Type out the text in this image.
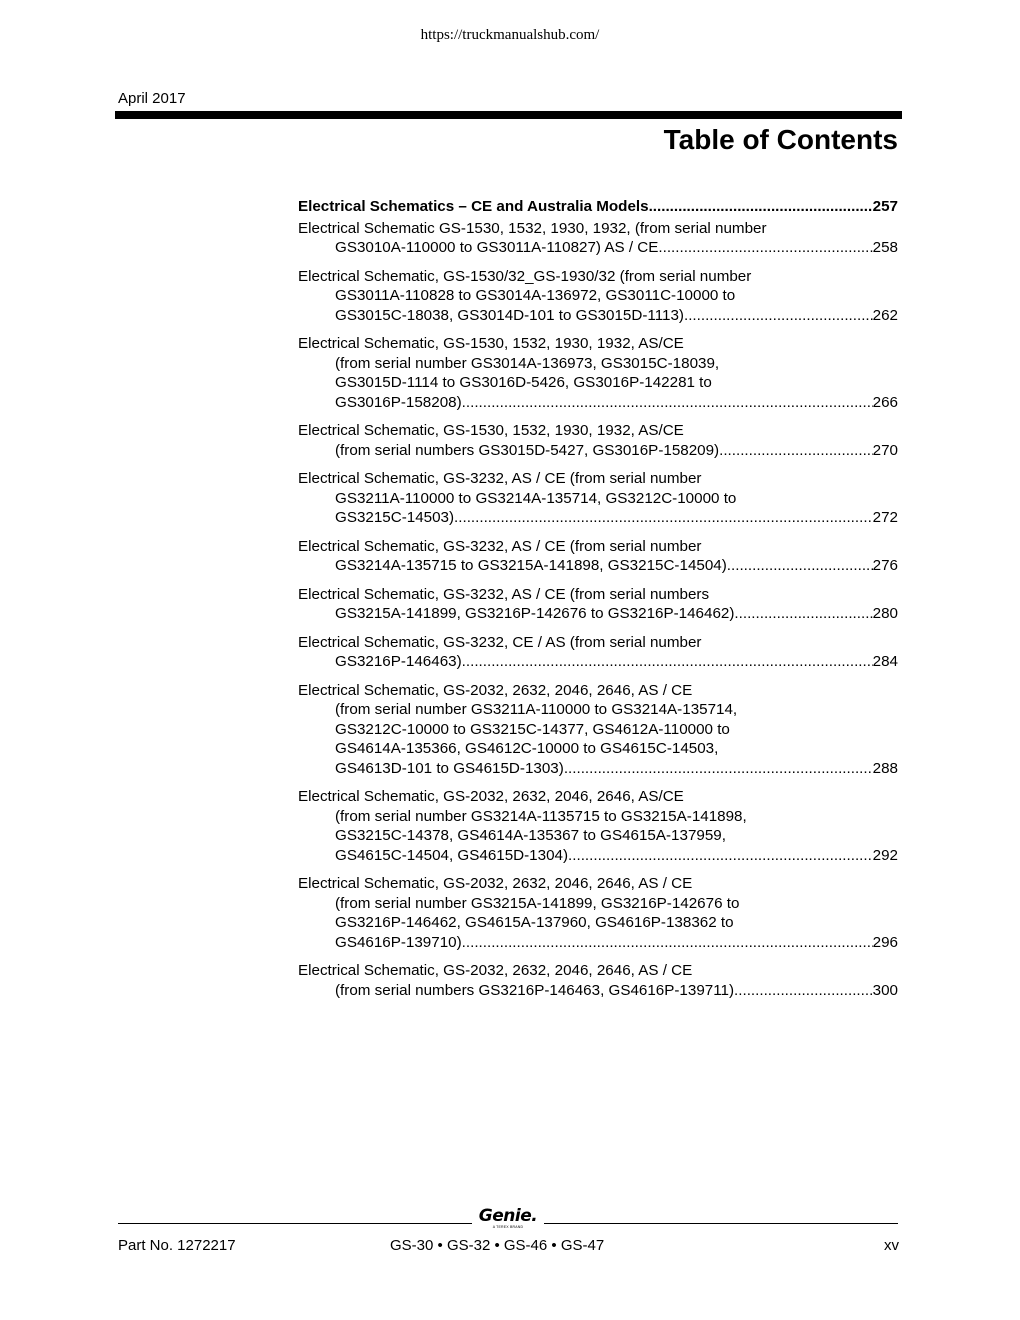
https://truckmanualshub.com/
April 2017
Table of Contents
Electrical Schematics – CE and Australia Models .....	257
Electrical Schematic GS-1530, 1532, 1930, 1932, (from serial number
GS3010A-110000 to GS3011A-110827) AS / CE .....	258
Electrical Schematic, GS-1530/32_GS-1930/32 (from serial number
GS3011A-110828 to GS3014A-136972, GS3011C-10000 to
GS3015C-18038, GS3014D-101 to GS3015D-1113) .....	262
Electrical Schematic, GS-1530, 1532, 1930, 1932, AS/CE
(from serial number GS3014A-136973, GS3015C-18039,
GS3015D-1114 to GS3016D-5426, GS3016P-142281 to
GS3016P-158208) .....	266
Electrical Schematic, GS-1530, 1532, 1930, 1932, AS/CE
(from serial numbers GS3015D-5427, GS3016P-158209) .....	270
Electrical Schematic, GS-3232, AS / CE (from serial number
GS3211A-110000 to GS3214A-135714, GS3212C-10000 to
GS3215C-14503) .....	272
Electrical Schematic, GS-3232, AS / CE (from serial number
GS3214A-135715 to GS3215A-141898, GS3215C-14504) .....	276
Electrical Schematic, GS-3232, AS / CE (from serial numbers
GS3215A-141899, GS3216P-142676 to GS3216P-146462) .....	280
Electrical Schematic, GS-3232, CE / AS (from serial number
GS3216P-146463) .....	284
Electrical Schematic, GS-2032, 2632, 2046, 2646, AS / CE
(from serial number GS3211A-110000 to GS3214A-135714,
GS3212C-10000 to GS3215C-14377, GS4612A-110000 to
GS4614A-135366, GS4612C-10000 to GS4615C-14503,
GS4613D-101 to GS4615D-1303) .....	288
Electrical Schematic, GS-2032, 2632, 2046, 2646, AS/CE
(from serial number GS3214A-1135715 to GS3215A-141898,
GS3215C-14378, GS4614A-135367 to GS4615A-137959,
GS4615C-14504, GS4615D-1304) .....	292
Electrical Schematic, GS-2032, 2632, 2046, 2646, AS / CE
(from serial number GS3215A-141899, GS3216P-142676 to
GS3216P-146462, GS4615A-137960, GS4616P-138362 to
GS4616P-139710) .....	296
Electrical Schematic, GS-2032, 2632, 2046, 2646, AS / CE
(from serial numbers GS3216P-146463, GS4616P-139711) .....	300
Genie.
A TEREX BRAND
Part No. 1272217	GS-30 • GS-32 • GS-46 • GS-47	xv
